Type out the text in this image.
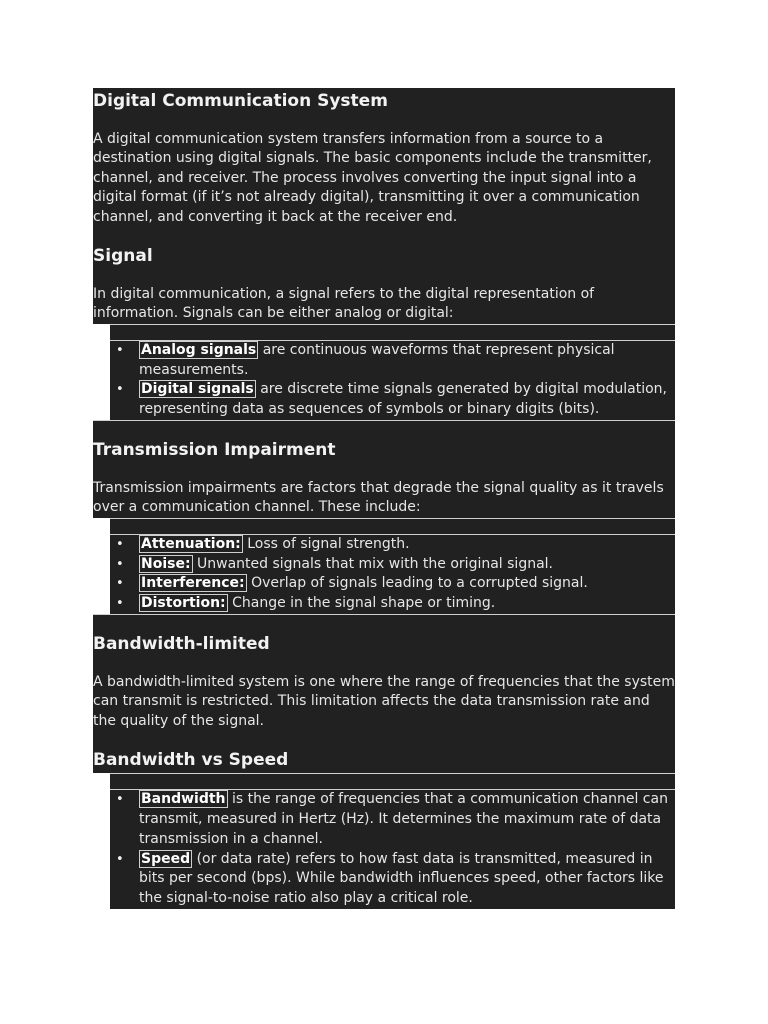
Digital Communication System

A digital communication system transfers information from a source to a destination using digital signals. The basic components include the transmitter, channel, and receiver. The process involves converting the input signal into a digital format (if it’s not already digital), transmitting it over a communication channel, and converting it back at the receiver end.

Signal

In digital communication, a signal refers to the digital representation of information. Signals can be either analog or digital:

• Analog signals are continuous waveforms that represent physical measurements.
• Digital signals are discrete time signals generated by digital modulation, representing data as sequences of symbols or binary digits (bits).
Transmission Impairment

Transmission impairments are factors that degrade the signal quality as it travels over a communication channel. These include:

• Attenuation: Loss of signal strength.
• Noise: Unwanted signals that mix with the original signal.
• Interference: Overlap of signals leading to a corrupted signal.
• Distortion: Change in the signal shape or timing.
Bandwidth-limited

A bandwidth-limited system is one where the range of frequencies that the system can transmit is restricted. This limitation affects the data transmission rate and the quality of the signal.

Bandwidth vs Speed
• Bandwidth is the range of frequencies that a communication channel can transmit, measured in Hertz (Hz). It determines the maximum rate of data transmission in a channel.
• Speed (or data rate) refers to how fast data is transmitted, measured in bits per second (bps). While bandwidth influences speed, other factors like the signal-to-noise ratio also play a critical role.
